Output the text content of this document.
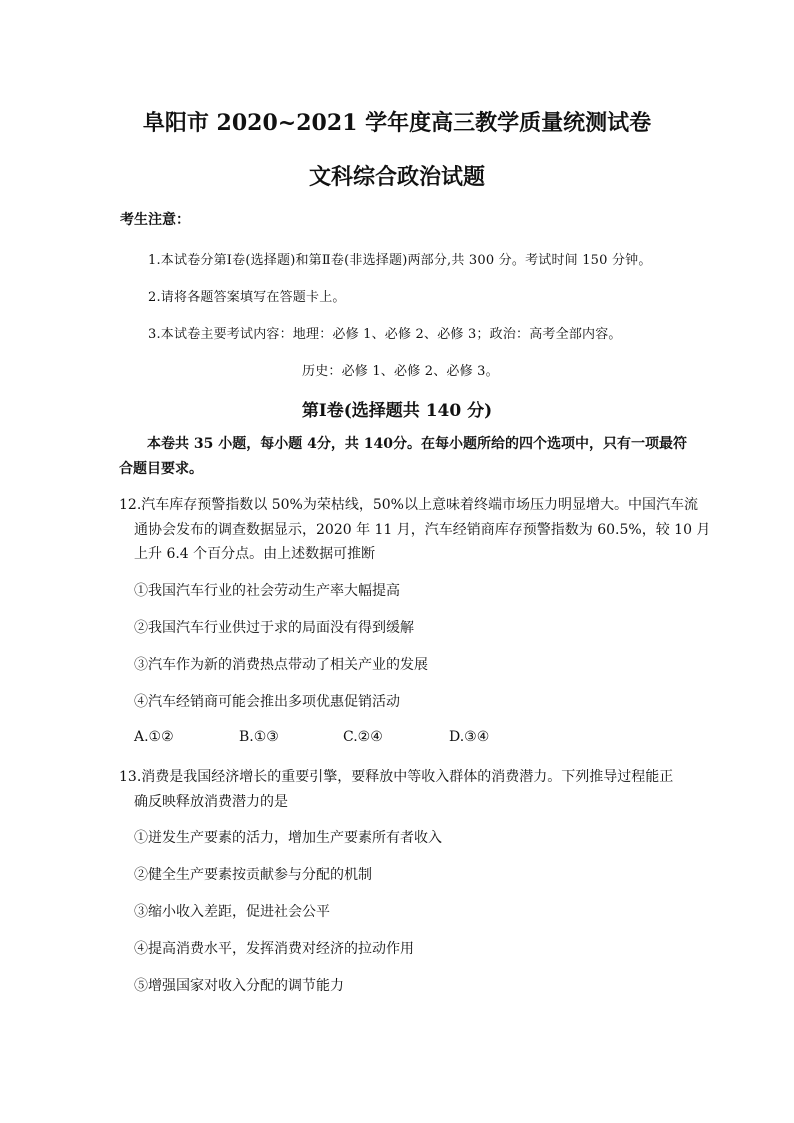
阜阳市 2020~2021 学年度高三教学质量统测试卷
文科综合政治试题
考生注意：
1.本试卷分第Ⅰ卷(选择题)和第Ⅱ卷(非选择题)两部分,共 300 分。考试时间 150 分钟。
2.请将各题答案填写在答题卡上。
3.本试卷主要考试内容：地理：必修 1、必修 2、必修 3；政治：高考全部内容。
历史：必修 1、必修 2、必修 3。
第Ⅰ卷(选择题共 140 分)
本卷共 35 小题，每小题 4分，共 140分。在每小题所给的四个选项中，只有一项最符
合题目要求。
12.汽车库存预警指数以 50%为荣枯线，50%以上意味着终端市场压力明显增大。中国汽车流
通协会发布的调查数据显示，2020 年 11 月，汽车经销商库存预警指数为 60.5%，较 10 月
上升 6.4 个百分点。由上述数据可推断
①我国汽车行业的社会劳动生产率大幅提高
②我国汽车行业供过于求的局面没有得到缓解
③汽车作为新的消费热点带动了相关产业的发展
④汽车经销商可能会推出多项优惠促销活动
A.①②	B.①③	C.②④	D.③④
13.消费是我国经济增长的重要引擎，要释放中等收入群体的消费潜力。下列推导过程能正
确反映释放消费潜力的是
①迸发生产要素的活力，增加生产要素所有者收入
②健全生产要素按贡献参与分配的机制
③缩小收入差距，促进社会公平
④提高消费水平，发挥消费对经济的拉动作用
⑤增强国家对收入分配的调节能力
